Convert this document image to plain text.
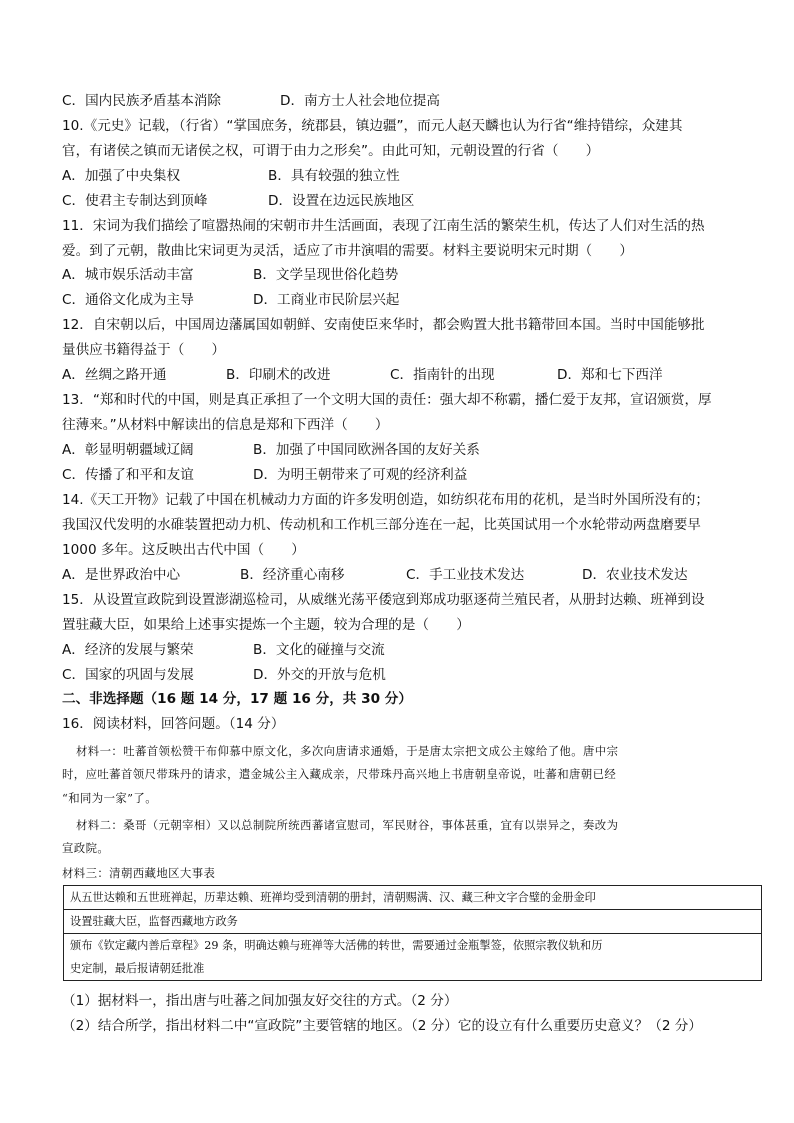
C．国内民族矛盾基本消除	D．南方士人社会地位提高
10.《元史》记载，（行省）“掌国庶务，统郡县，镇边疆”，而元人赵天麟也认为行省“维持错综，众建其
官，有诸侯之镇而无诸侯之权，可谓于由力之形矣”。由此可知，元朝设置的行省（　　）
A．加强了中央集权	B．具有较强的独立性
C．使君主专制达到顶峰	D．设置在边远民族地区
11．宋词为我们描绘了喧嚣热闹的宋朝市井生活画面，表现了江南生活的繁荣生机，传达了人们对生活的热
爱。到了元朝，散曲比宋词更为灵活，适应了市井演唱的需要。材料主要说明宋元时期（　　）
A．城市娱乐活动丰富	B．文学呈现世俗化趋势
C．通俗文化成为主导	D．工商业市民阶层兴起
12．自宋朝以后，中国周边藩属国如朝鲜、安南使臣来华时，都会购置大批书籍带回本国。当时中国能够批
量供应书籍得益于（　　）
A．丝绸之路开通	B．印刷术的改进	C．指南针的出现	D．郑和七下西洋
13．“郑和时代的中国，则是真正承担了一个文明大国的责任：强大却不称霸，播仁爱于友邦，宣诏颁赏，厚
往薄来。”从材料中解读出的信息是郑和下西洋（　　）
A．彰显明朝疆域辽阔	B．加强了中国同欧洲各国的友好关系
C．传播了和平和友谊	D．为明王朝带来了可观的经济利益
14.《天工开物》记载了中国在机械动力方面的许多发明创造，如纺织花布用的花机，是当时外国所没有的；
我国汉代发明的水碓装置把动力机、传动机和工作机三部分连在一起，比英国试用一个水轮带动两盘磨要早
1000 多年。这反映出古代中国（　　）
A．是世界政治中心	B．经济重心南移	C．手工业技术发达	D．农业技术发达
15．从设置宣政院到设置澎湖巡检司，从威继光荡平倭寇到郑成功驱逐荷兰殖民者，从册封达赖、班禅到设
置驻藏大臣，如果给上述事实提炼一个主题，较为合理的是（　　）
A．经济的发展与繁荣	B．文化的碰撞与交流
C．国家的巩固与发展	D．外交的开放与危机
二、非选择题（16 题 14 分，17 题 16 分，共 30 分）
16．阅读材料，回答问题。（14 分）
材料一：吐蕃首领松赞干布仰慕中原文化，多次向唐请求通婚，于是唐太宗把文成公主嫁给了他。唐中宗
时，应吐蕃首领尺带珠丹的请求，遣金城公主入藏成亲，尺带珠丹高兴地上书唐朝皇帝说，吐蕃和唐朝已经
“和同为一家”了。
材料二：桑哥（元朝宰相）又以总制院所统西蕃诸宣慰司，军民财谷，事体甚重，宜有以崇异之，奏改为
宣政院。
材料三：清朝西藏地区大事表
从五世达赖和五世班禅起，历辈达赖、班禅均受到清朝的册封，清朝赐满、汉、藏三种文字合璧的金册金印
设置驻藏大臣，监督西藏地方政务

颁布《钦定藏内善后章程》29 条，明确达赖与班禅等大活佛的转世，需要通过金瓶掣签，依照宗教仪轨和历
史定制，最后报请朝廷批准
（1）据材料一，指出唐与吐蕃之间加强友好交往的方式。（2 分）
（2）结合所学，指出材料二中“宣政院”主要管辖的地区。（2 分）它的设立有什么重要历史意义？（2 分）
